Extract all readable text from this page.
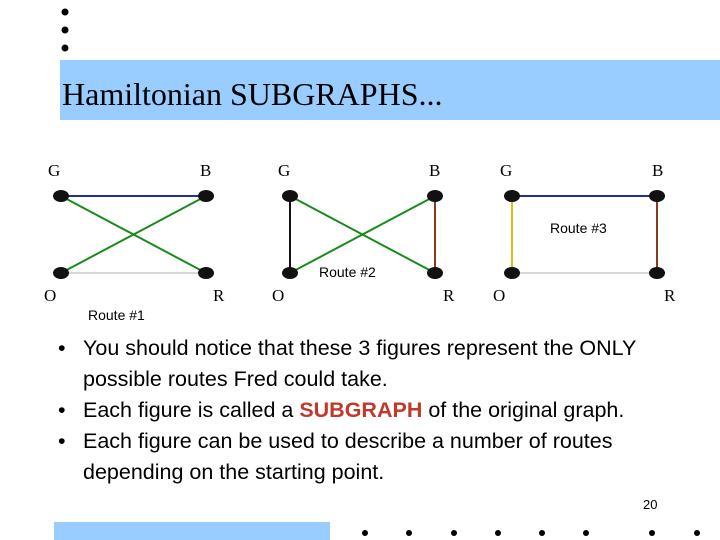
Hamiltonian SUBGRAPHS...
G	B
O	R
Route #1
G	B
O	R
Route #2
G	B
O	R
Route #3
• You should notice that these 3 figures represent the ONLY possible routes Fred could take.
• Each figure is called a SUBGRAPH of the original graph.
• Each figure can be used to describe a number of routes depending on the starting point.
20
